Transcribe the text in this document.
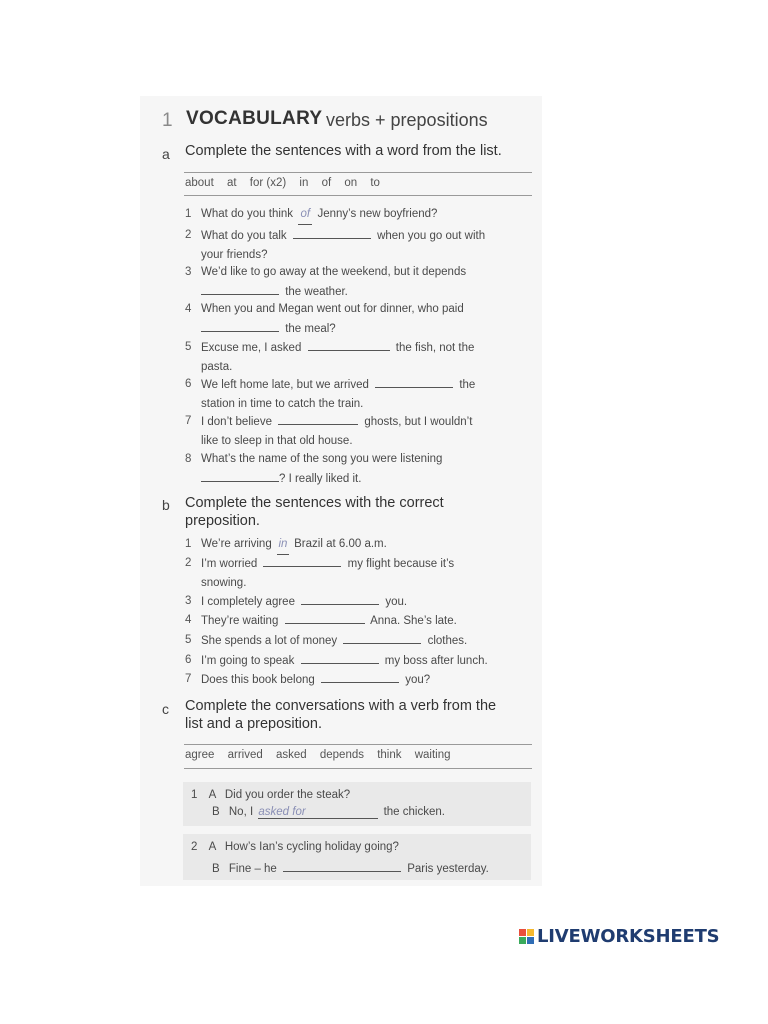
1 VOCABULARY verbs + prepositions
a Complete the sentences with a word from the list.
about at for (x2) in of on to
1 What do you think of Jenny’s new boyfriend?
2 What do you talk	when you go out with
your friends?
3 We’d like to go away at the weekend, but it depends
the weather.
4 When you and Megan went out for dinner, who paid
the meal?
5 Excuse me, I asked	the fish, not the
pasta.
6 We left home late, but we arrived	the
station in time to catch the train.
7 I don’t believe	ghosts, but I wouldn’t
like to sleep in that old house.
8 What’s the name of the song you were listening
? I really liked it.
b Complete the sentences with the correct
preposition.
1 We’re arriving in Brazil at 6.00 a.m.
2 I’m worried	my flight because it’s
snowing.
3 I completely agree	you.
4 They’re waiting	Anna. She’s late.
5 She spends a lot of money	clothes.
6 I’m going to speak	my boss after lunch.
7 Does this book belong	you?
c Complete the conversations with a verb from the
list and a preposition.
agree arrived asked depends think waiting
1 A Did you order the steak?
B No, I asked for	the chicken.
2 A How’s Ian’s cycling holiday going?
B Fine – he	Paris yesterday.
LIVEWORKSHEETS
